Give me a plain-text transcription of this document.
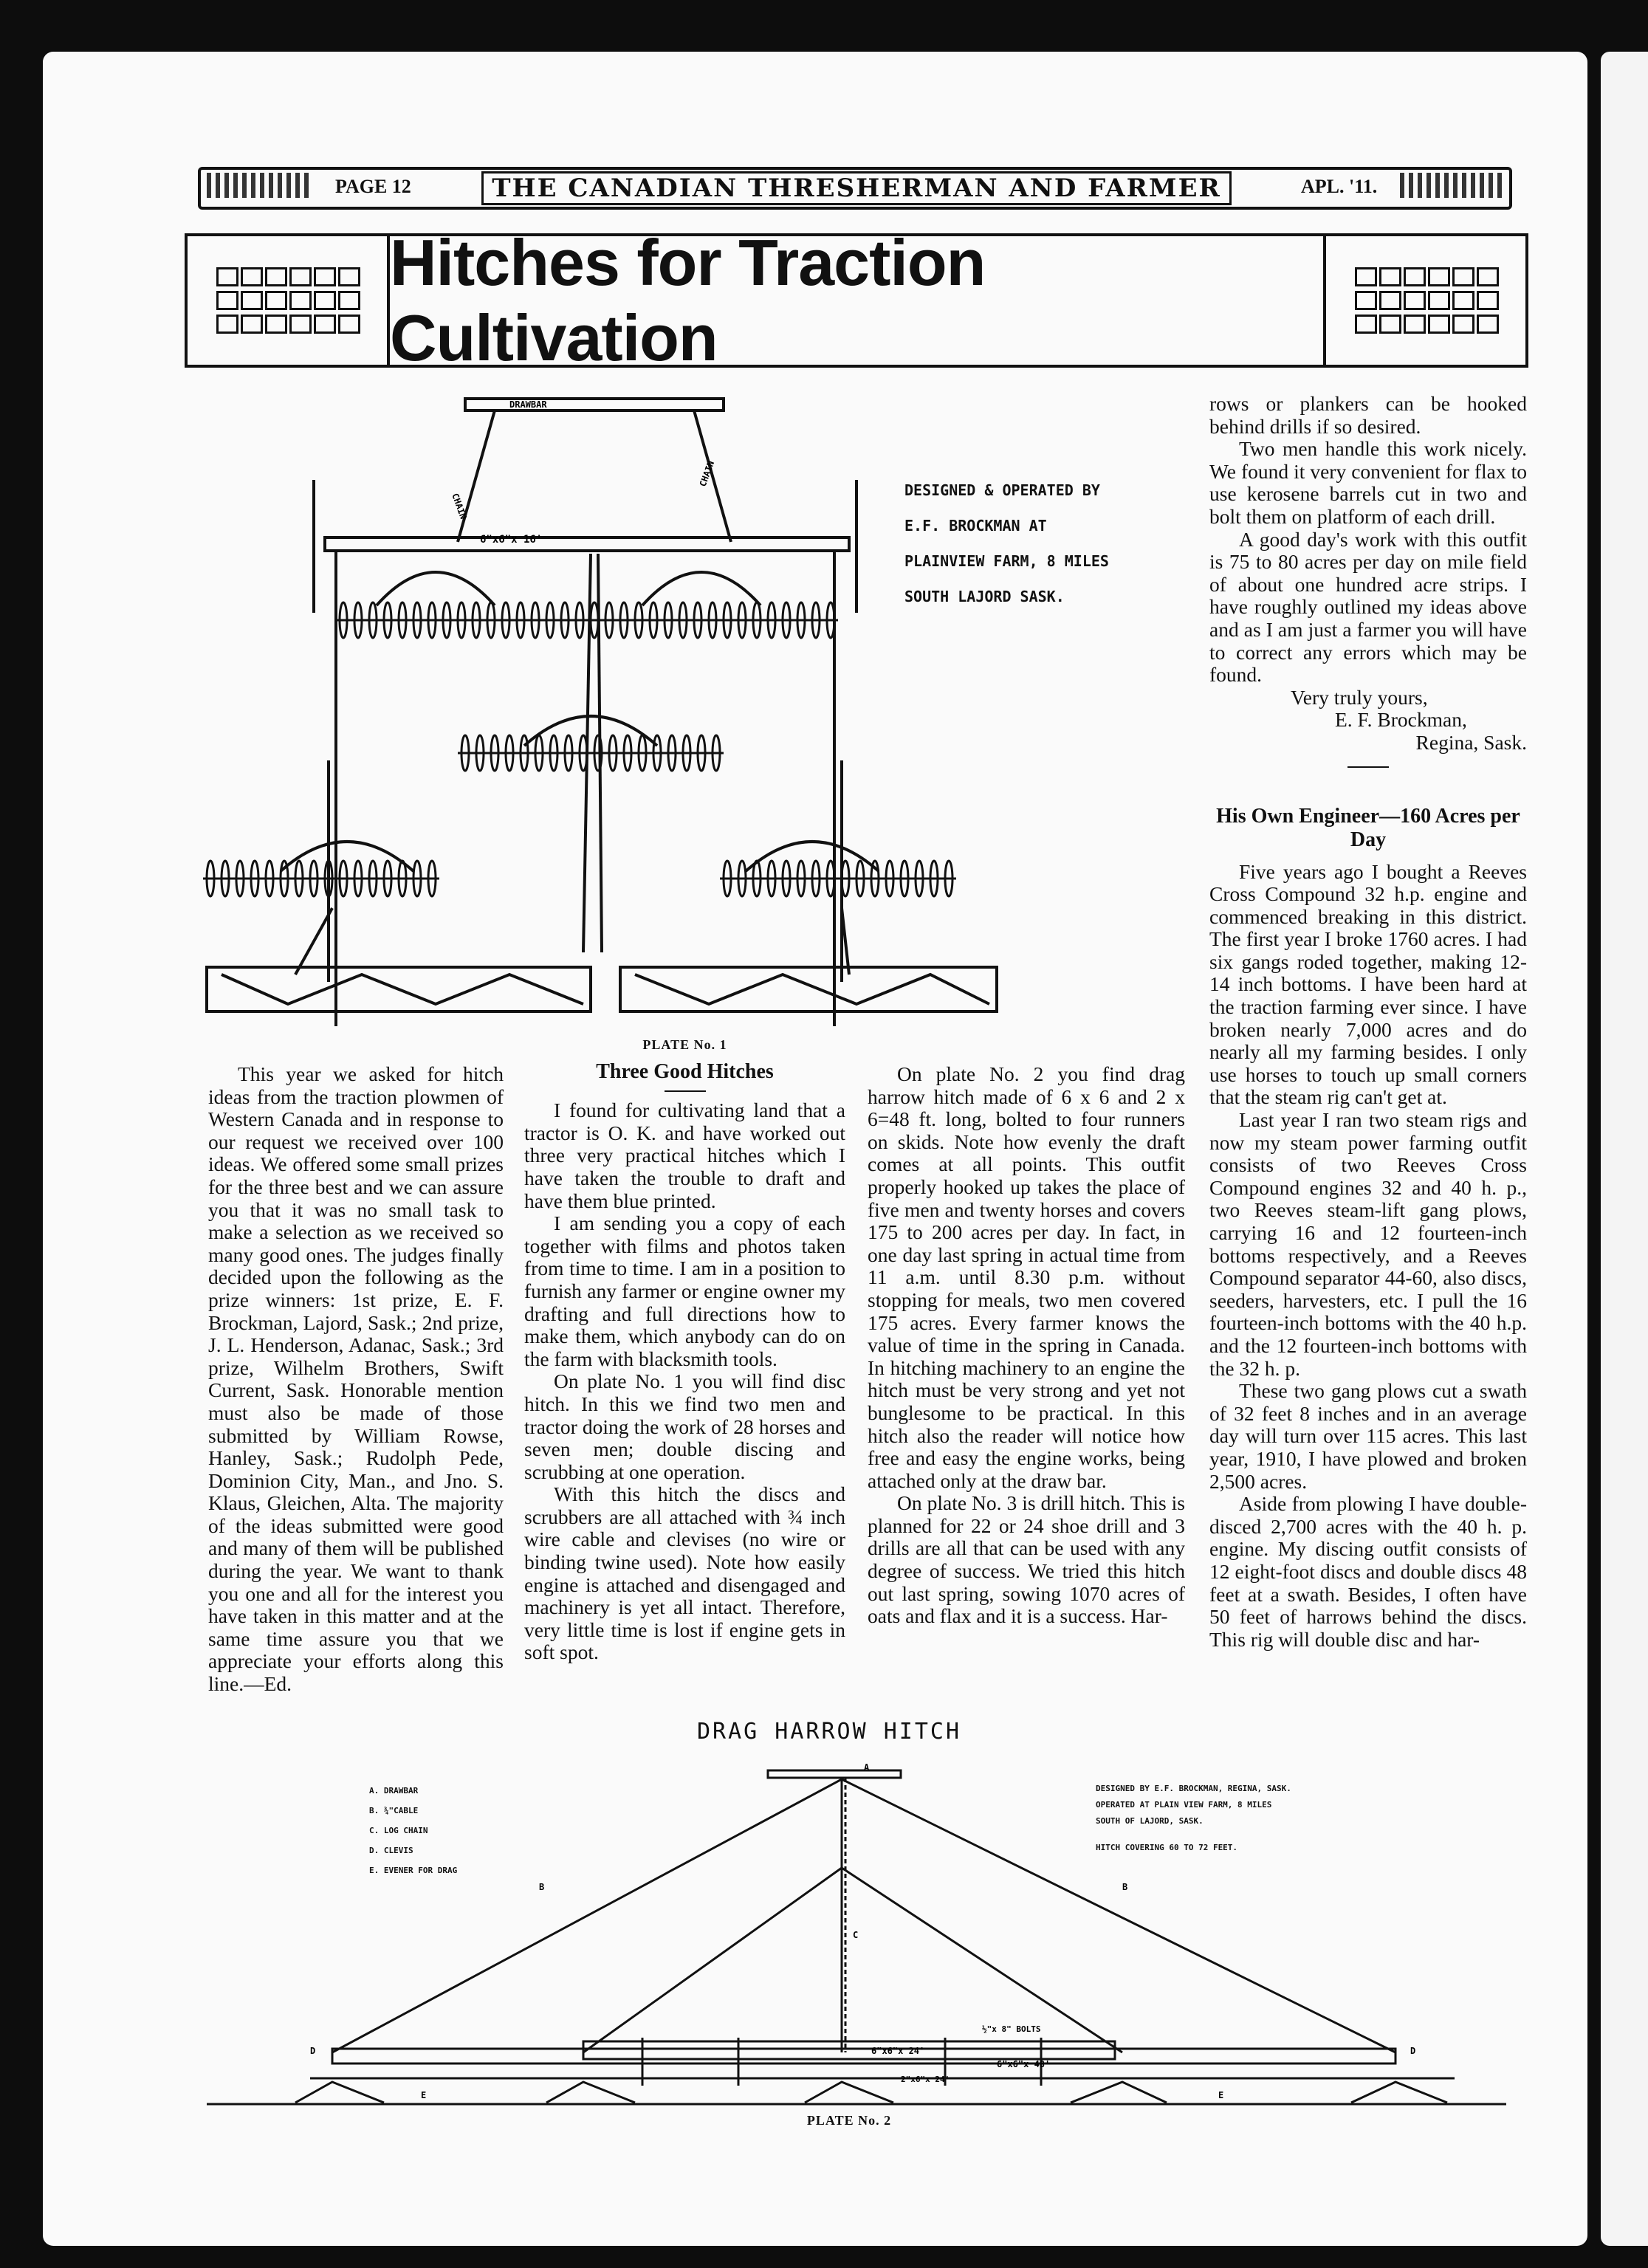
PAGE 12	THE CANADIAN THRESHERMAN AND FARMER	APL. '11.
Hitches for Traction Cultivation
DRAWBAR
6"x6"x 16'
CHAIN
CHAIN
DESIGNED & OPERATED BY
E.F. BROCKMAN AT
PLAINVIEW FARM, 8 MILES
SOUTH LAJORD SASK.

This year we asked for hitch ideas from the traction plowmen of Western Canada and in response to our request we received over 100 ideas. We offered some small prizes for the three best and we can assure you that it was no small task to make a selection as we received so many good ones. The judges finally decided upon the following as the prize winners: 1st prize, E. F. Brockman, Lajord, Sask.; 2nd prize, J. L. Henderson, Adanac, Sask.; 3rd prize, Wilhelm Brothers, Swift Current, Sask. Honorable mention must also be made of those submitted by William Rowse, Hanley, Sask.; Rudolph Pede, Dominion City, Man., and Jno. S. Klaus, Gleichen, Alta. The majority of the ideas submitted were good and many of them will be published during the year. We want to thank you one and all for the interest you have taken in this matter and at the same time assure you that we appreciate your efforts along this line.—Ed.

PLATE No. 1
Three Good Hitches

I found for cultivating land that a tractor is O. K. and have worked out three very practical hitches which I have taken the trouble to draft and have them blue printed.

I am sending you a copy of each together with films and photos taken from time to time. I am in a position to furnish any farmer or engine owner my drafting and full directions how to make them, which anybody can do on the farm with blacksmith tools.

On plate No. 1 you will find disc hitch. In this we find two men and tractor doing the work of 28 horses and seven men; double discing and scrubbing at one operation.

With this hitch the discs and scrubbers are all attached with ¾ inch wire cable and clevises (no wire or binding twine used). Note how easily engine is attached and disengaged and machinery is yet all intact. Therefore, very little time is lost if engine gets in soft spot.

On plate No. 2 you find drag harrow hitch made of 6 x 6 and 2 x 6=48 ft. long, bolted to four runners on skids. Note how evenly the draft comes at all points. This outfit properly hooked up takes the place of five men and twenty horses and covers 175 to 200 acres per day. In fact, in one day last spring in actual time from 11 a.m. until 8.30 p.m. without stopping for meals, two men covered 175 acres. Every farmer knows the value of time in the spring in Canada. In hitching machinery to an engine the hitch must be very strong and yet not bunglesome to be practical. In this hitch also the reader will notice how free and easy the engine works, being attached only at the draw bar.

On plate No. 3 is drill hitch. This is planned for 22 or 24 shoe drill and 3 drills are all that can be used with any degree of success. We tried this hitch out last spring, sowing 1070 acres of oats and flax and it is a success. Har-

rows or plankers can be hooked behind drills if so desired.

Two men handle this work nicely. We found it very convenient for flax to use kerosene barrels cut in two and bolt them on platform of each drill.

A good day's work with this outfit is 75 to 80 acres per day on mile field of about one hundred acre strips. I have roughly outlined my ideas above and as I am just a farmer you will have to correct any errors which may be found.

Very truly yours,
E. F. Brockman,
Regina, Sask.
His Own Engineer—160 Acres per Day

Five years ago I bought a Reeves Cross Compound 32 h.p. engine and commenced breaking in this district. The first year I broke 1760 acres. I had six gangs roded together, making 12-14 inch bottoms. I have been hard at the traction farming ever since. I have broken nearly 7,000 acres and do nearly all my farming besides. I only use horses to touch up small corners that the steam rig can't get at.

Last year I ran two steam rigs and now my steam power farming outfit consists of two Reeves Cross Compound engines 32 and 40 h. p., two Reeves steam-lift gang plows, carrying 16 and 12 fourteen-inch bottoms respectively, and a Reeves Compound separator 44-60, also discs, seeders, harvesters, etc. I pull the 16 fourteen-inch bottoms with the 40 h.p. and the 12 fourteen-inch bottoms with the 32 h. p.

These two gang plows cut a swath of 32 feet 8 inches and in an average day will turn over 115 acres. This last year, 1910, I have plowed and broken 2,500 acres.

Aside from plowing I have double-disced 2,700 acres with the 40 h. p. engine. My discing outfit consists of 12 eight-foot discs and double discs 48 feet at a swath. Besides, I often have 50 feet of harrows behind the discs. This rig will double disc and har-

DRAG HARROW HITCH
A. DRAWBAR
B. ¾"CABLE
C. LOG CHAIN
D. CLEVIS
E. EVENER FOR DRAG
DESIGNED BY E.F. BROCKMAN, REGINA, SASK.
OPERATED AT PLAIN VIEW FARM, 8 MILES
SOUTH OF LAJORD, SASK.
HITCH COVERING 60 TO 72 FEET.
A
B	B
C
D	D
E	E
6"x6"x 24'
6"x6"x 48'
2"x6"x 24'
½"x 8" BOLTS
PLATE No. 2
